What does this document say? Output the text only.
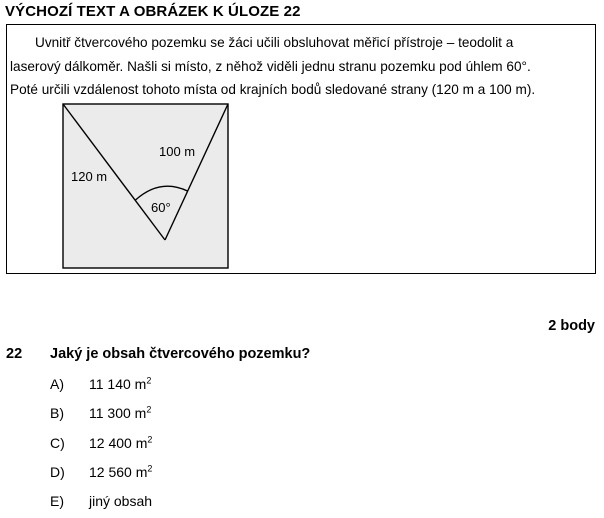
VÝCHOZÍ TEXT A OBRÁZEK K ÚLOZE 22
Uvnitř čtvercového pozemku se žáci učili obsluhovat měřicí přístroje – teodolit a
laserový dálkoměr. Našli si místo, z něhož viděli jednu stranu pozemku pod úhlem 60°.
Poté určili vzdálenost tohoto místa od krajních bodů sledované strany (120 m a 100 m).
120 m
100 m
60°
2 body
22 Jaký je obsah čtvercového pozemku?
A) 11 140 $m^2$
B) 11 300 $m^2$
C) 12 400 $m^2$
D) 12 560 $m^2$
E) jiný obsah
